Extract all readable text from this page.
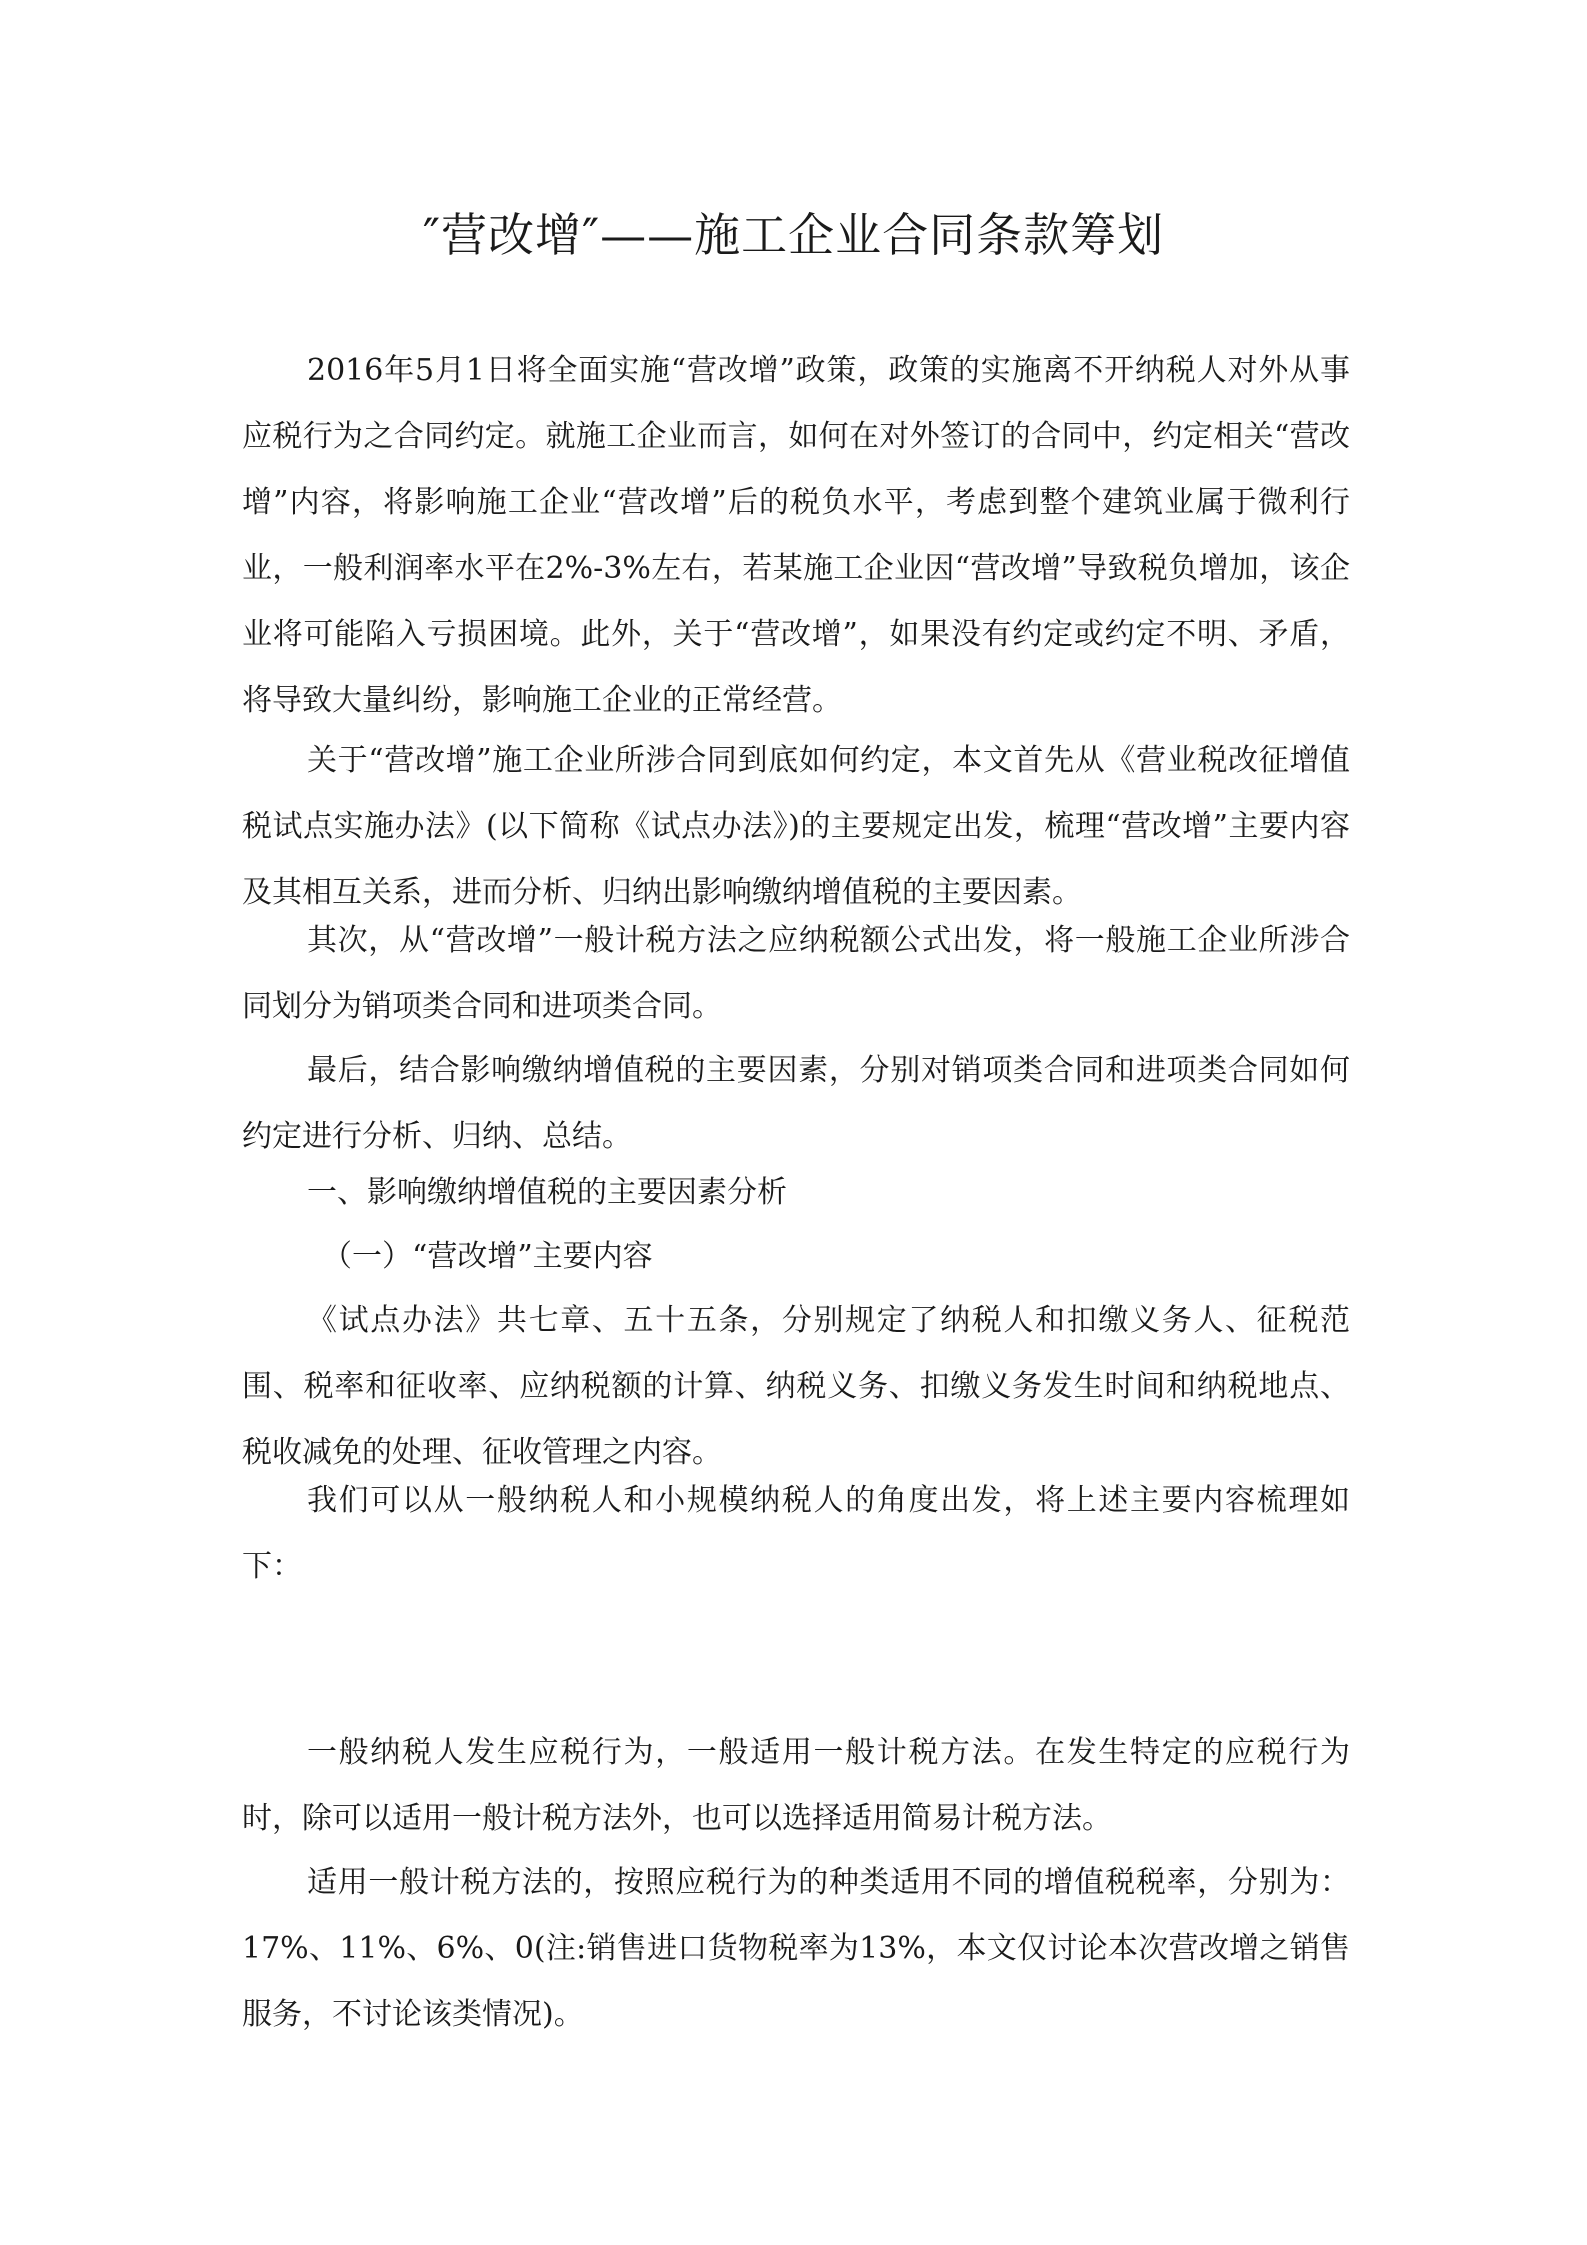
″营改增″——施工企业合同条款筹划

2016年5月1日将全面实施“营改增”政策，政策的实施离不开纳税人对外从事应税行为之合同约定。就施工企业而言，如何在对外签订的合同中，约定相关“营改增”内容，将影响施工企业“营改增”后的税负水平，考虑到整个建筑业属于微利行业，一般利润率水平在2%-3%左右，若某施工企业因“营改增”导致税负增加，该企业将可能陷入亏损困境。此外，关于“营改增”，如果没有约定或约定不明、矛盾，将导致大量纠纷，影响施工企业的正常经营。

关于“营改增”施工企业所涉合同到底如何约定，本文首先从《营业税改征增值税试点实施办法》(以下简称《试点办法》)的主要规定出发，梳理“营改增”主要内容及其相互关系，进而分析、归纳出影响缴纳增值税的主要因素。

其次，从“营改增”一般计税方法之应纳税额公式出发，将一般施工企业所涉合同划分为销项类合同和进项类合同。

最后，结合影响缴纳增值税的主要因素，分别对销项类合同和进项类合同如何约定进行分析、归纳、总结。

一、影响缴纳增值税的主要因素分析

（一）“营改增”主要内容

《试点办法》共七章、五十五条，分别规定了纳税人和扣缴义务人、征税范围、税率和征收率、应纳税额的计算、纳税义务、扣缴义务发生时间和纳税地点、税收减免的处理、征收管理之内容。

我们可以从一般纳税人和小规模纳税人的角度出发，将上述主要内容梳理如下：

一般纳税人发生应税行为，一般适用一般计税方法。在发生特定的应税行为时，除可以适用一般计税方法外，也可以选择适用简易计税方法。

适用一般计税方法的，按照应税行为的种类适用不同的增值税税率，分别为：17%、11%、6%、0(注:销售进口货物税率为13%，本文仅讨论本次营改增之销售服务，不讨论该类情况)。
